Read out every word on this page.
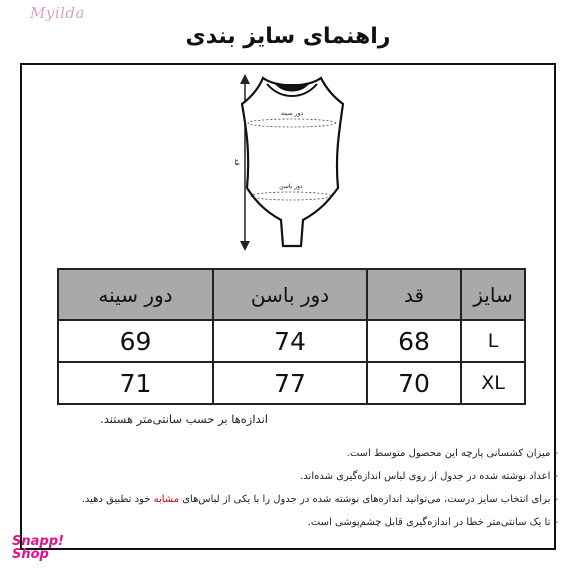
Myilda
راهنمای سایز بندی
قد
دور سینه
دور باسن
سایز	قد	دور باسن	دور سینه
L	68	74	69
XL	70	77	71
اندازه‌ها بر حسب سانتی‌متر هستند.
-میزان کشسانی پارچه این محصول متوسط است.
-اعداد نوشته شده در جدول از روی لباس اندازه‌گیری شده‌اند.
-برای انتخاب سایز درست، می‌توانید اندازه‌های نوشته شده در جدول را با یکی از لباس‌های مشابه خود تطبیق دهید.
-تا یک سانتی‌متر خطا در اندازه‌گیری قابل چشم‌پوشی است.
Snapp!
Shop
